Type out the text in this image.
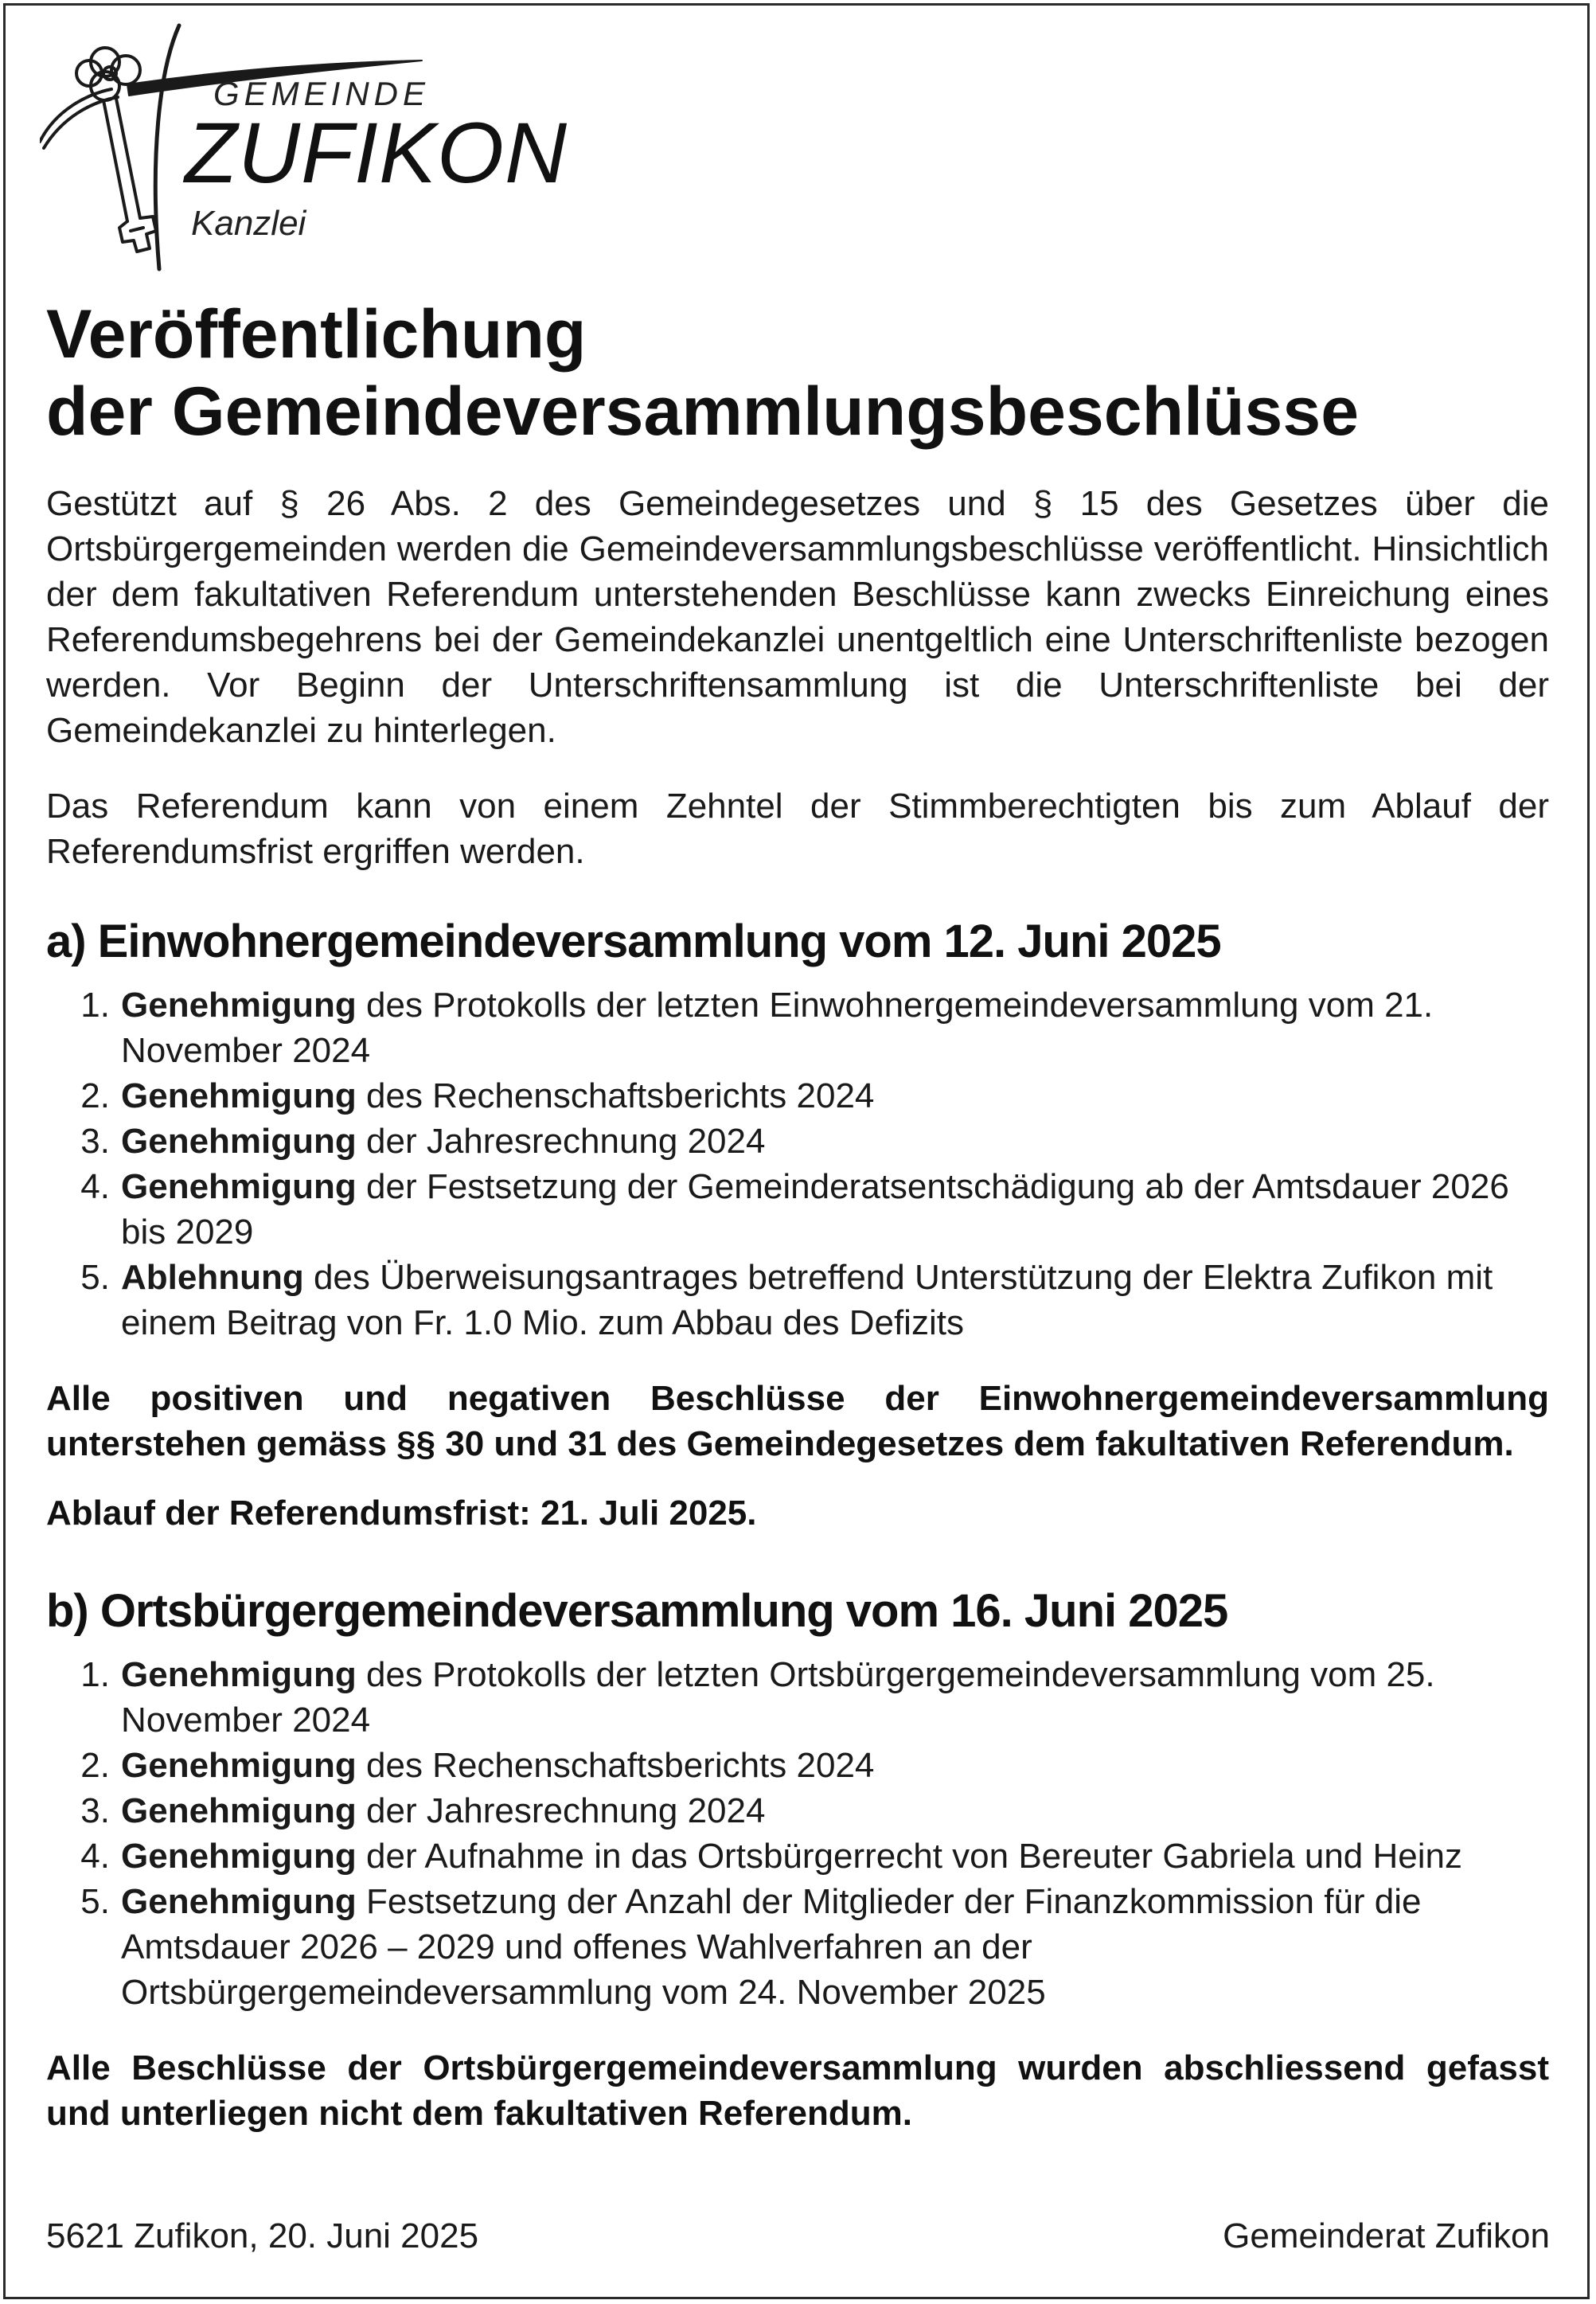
GEMEINDE
ZUFIKON
Kanzlei
Veröffentlichung
der Gemeindeversammlungsbeschlüsse

Gestützt auf § 26 Abs. 2 des Gemeindegesetzes und § 15 des Gesetzes über die Ortsbürgergemeinden werden die Gemeindeversammlungsbeschlüsse veröffentlicht. Hinsichtlich der dem fakultativen Referendum unterstehenden Beschlüsse kann zwecks Einreichung eines Referendumsbegehrens bei der Gemeindekanzlei unentgeltlich eine Unterschriftenliste bezogen werden. Vor Beginn der Unterschriftensammlung ist die Unterschriftenliste bei der Gemeindekanzlei zu hinterlegen.

Das Referendum kann von einem Zehntel der Stimmberechtigten bis zum Ablauf der Referendumsfrist ergriffen werden.

a) Einwohnergemeindeversammlung vom 12. Juni 2025
1. Genehmigung des Protokolls der letzten Einwohnergemeindeversammlung vom 21. November 2024
2. Genehmigung des Rechenschaftsberichts 2024
3. Genehmigung der Jahresrechnung 2024
4. Genehmigung der Festsetzung der Gemeinderatsentschädigung ab der Amtsdauer 2026 bis 2029
5. Ablehnung des Überweisungsantrages betreffend Unterstützung der Elektra Zufikon mit einem Beitrag von Fr. 1.0 Mio. zum Abbau des Defizits

Alle positiven und negativen Beschlüsse der Einwohnergemeindeversammlung unterstehen gemäss §§ 30 und 31 des Gemeindegesetzes dem fakultativen Referendum.

Ablauf der Referendumsfrist: 21. Juli 2025.

b) Ortsbürgergemeindeversammlung vom 16. Juni 2025
1. Genehmigung des Protokolls der letzten Ortsbürgergemeindeversammlung vom 25. November 2024
2. Genehmigung des Rechenschaftsberichts 2024
3. Genehmigung der Jahresrechnung 2024
4. Genehmigung der Aufnahme in das Ortsbürgerrecht von Bereuter Gabriela und Heinz
5. Genehmigung Festsetzung der Anzahl der Mitglieder der Finanzkommission für die Amtsdauer 2026 – 2029 und offenes Wahlverfahren an der Ortsbürgergemeindeversammlung vom 24. November 2025

Alle Beschlüsse der Ortsbürgergemeindeversammlung wurden abschliessend gefasst und unterliegen nicht dem fakultativen Referendum.

5621 Zufikon, 20. Juni 2025	Gemeinderat Zufikon
